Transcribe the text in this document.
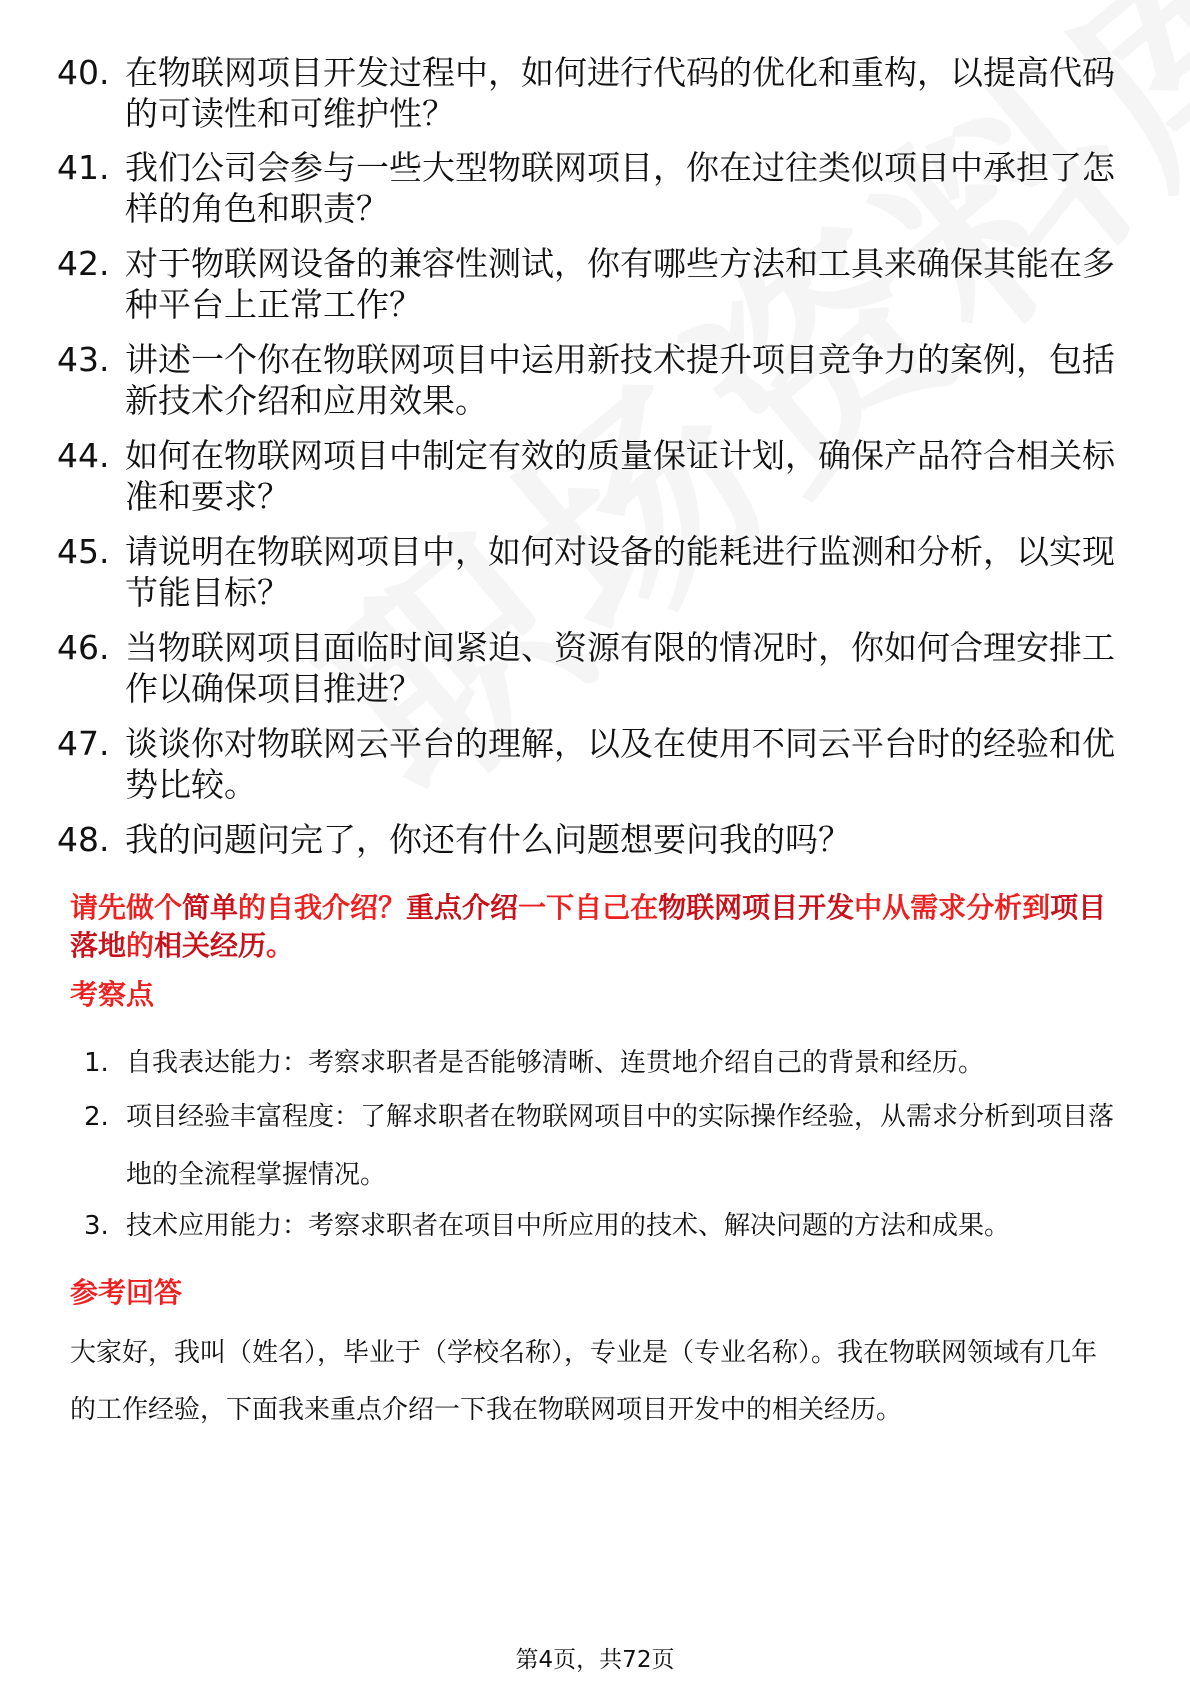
40. 在物联网项目开发过程中，如何进行代码的优化和重构，以提高代码的可读性和可维护性？
41. 我们公司会参与一些大型物联网项目，你在过往类似项目中承担了怎样的角色和职责？
42. 对于物联网设备的兼容性测试，你有哪些方法和工具来确保其能在多种平台上正常工作？
43. 讲述一个你在物联网项目中运用新技术提升项目竞争力的案例，包括新技术介绍和应用效果。
44. 如何在物联网项目中制定有效的质量保证计划，确保产品符合相关标准和要求？
45. 请说明在物联网项目中，如何对设备的能耗进行监测和分析，以实现节能目标？
46. 当物联网项目面临时间紧迫、资源有限的情况时，你如何合理安排工作以确保项目推进？
47. 谈谈你对物联网云平台的理解，以及在使用不同云平台时的经验和优势比较。
48. 我的问题问完了，你还有什么问题想要问我的吗？
请先做个简单的自我介绍？重点介绍一下自己在物联网项目开发中从需求分析到项目落地的相关经历。
考察点
1. 自我表达能力：考察求职者是否能够清晰、连贯地介绍自己的背景和经历。
2. 项目经验丰富程度：了解求职者在物联网项目中的实际操作经验，从需求分析到项目落地的全流程掌握情况。
3. 技术应用能力：考察求职者在项目中所应用的技术、解决问题的方法和成果。
参考回答
大家好，我叫（姓名），毕业于（学校名称），专业是（专业名称）。我在物联网领域有几年的工作经验，下面我来重点介绍一下我在物联网项目开发中的相关经历。
第4页，共72页
